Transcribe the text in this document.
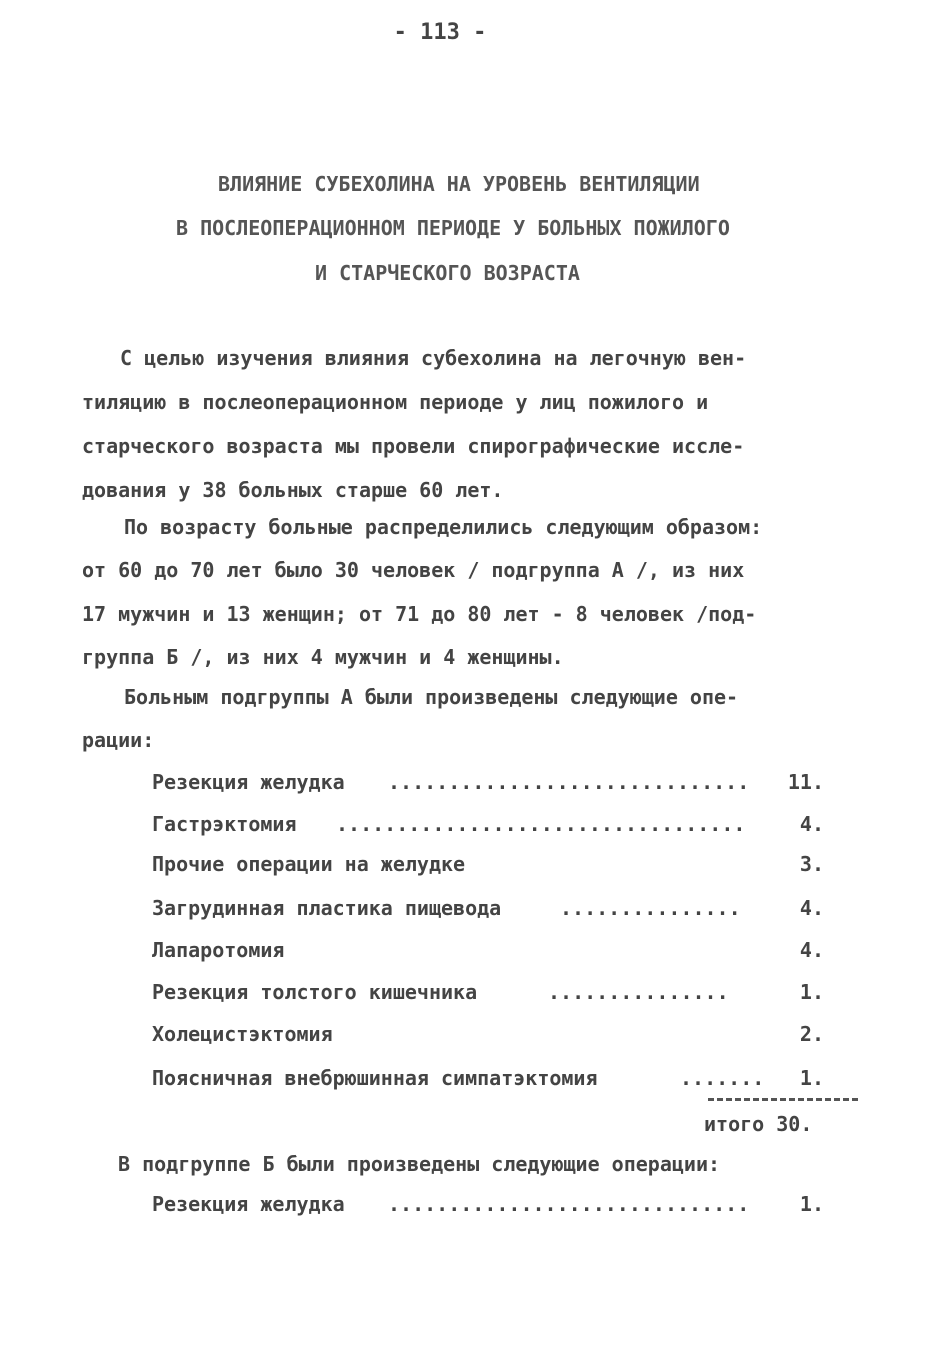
- 113 -
ВЛИЯНИЕ СУБЕХОЛИНА НА УРОВЕНЬ ВЕНТИЛЯЦИИ
В ПОСЛЕОПЕРАЦИОННОМ ПЕРИОДЕ У БОЛЬНЫХ ПОЖИЛОГО
И СТАРЧЕСКОГО ВОЗРАСТА
С целью изучения влияния субехолина на легочную вен-
тиляцию в послеоперационном периоде у лиц пожилого и
старческого возраста мы провели спирографические иссле-
дования у 38 больных старше 60 лет.
По возрасту больные распределились следующим образом:
от 60 до 70 лет было 30 человек / подгруппа А /, из них
17 мужчин и 13 женщин; от 71 до 80 лет - 8 человек /под-
группа Б /, из них 4 мужчин и 4 женщины.
Больным подгруппы А были произведены следующие опе-
рации:
Резекция желудка .............................. 11.
Гастрэктомия ..................................	4.
Прочие операции на желудке	3.
Загрудинная пластика пищевода	...............	4.
Лапаротомия	4.
Резекция толстого кишечника	...............	1.
Холецистэктомия	2.
Поясничная внебрюшинная симпатэктомия	....... 1.
итого 30.
В подгруппе Б были произведены следующие операции:
Резекция желудка ..............................	1.
